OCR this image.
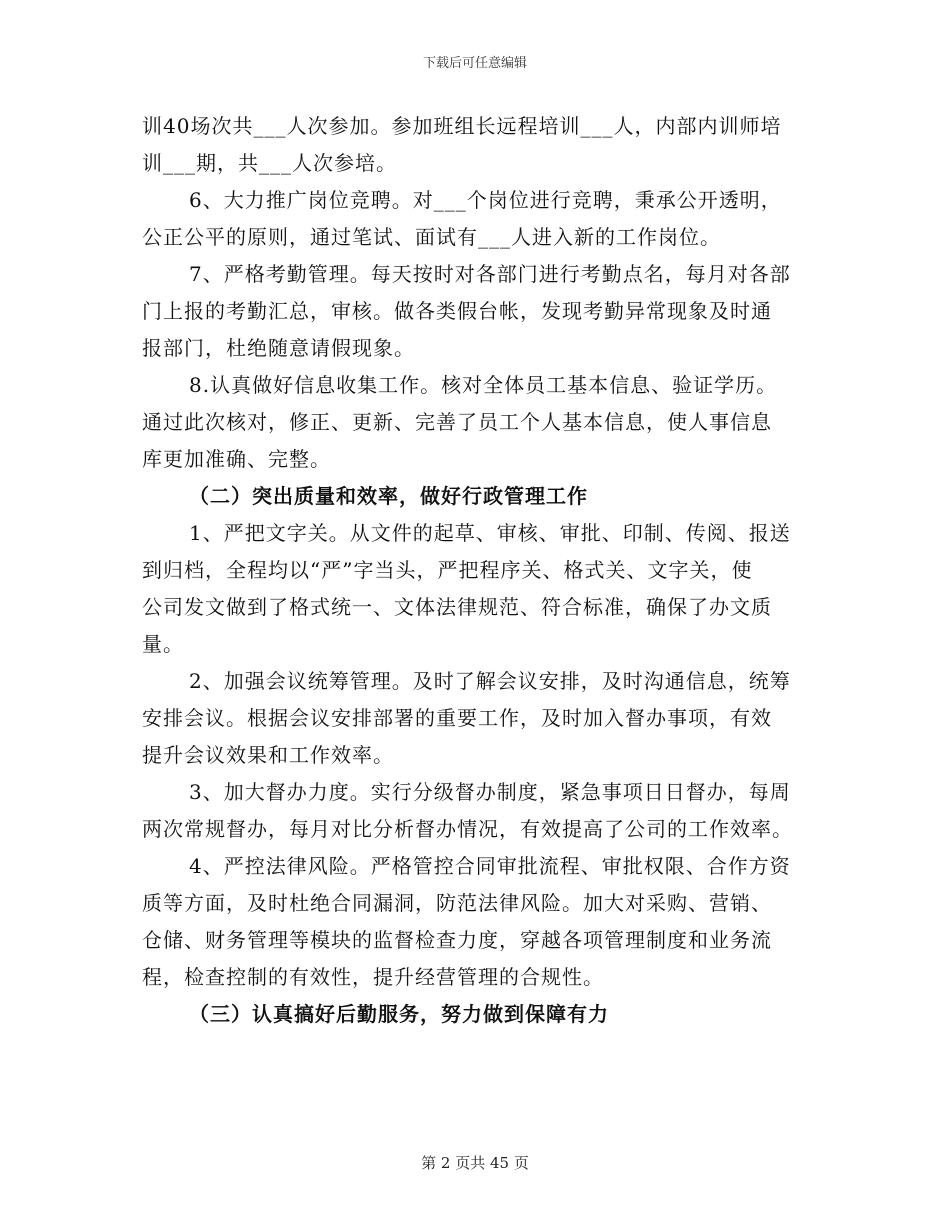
下载后可任意编辑
训40场次共___人次参加。参加班组长远程培训___人，内部内训师培
训___期，共___人次参培。
6、大力推广岗位竞聘。对___个岗位进行竞聘，秉承公开透明，
公正公平的原则，通过笔试、面试有___人进入新的工作岗位。
7、严格考勤管理。每天按时对各部门进行考勤点名，每月对各部
门上报的考勤汇总，审核。做各类假台帐，发现考勤异常现象及时通
报部门，杜绝随意请假现象。
8.认真做好信息收集工作。核对全体员工基本信息、验证学历。
通过此次核对，修正、更新、完善了员工个人基本信息，使人事信息
库更加准确、完整。
（二）突出质量和效率，做好行政管理工作
1、严把文字关。从文件的起草、审核、审批、印制、传阅、报送
到归档，全程均以“严”字当头，严把程序关、格式关、文字关，使
公司发文做到了格式统一、文体法律规范、符合标准，确保了办文质
量。
2、加强会议统筹管理。及时了解会议安排，及时沟通信息，统筹
安排会议。根据会议安排部署的重要工作，及时加入督办事项，有效
提升会议效果和工作效率。
3、加大督办力度。实行分级督办制度，紧急事项日日督办，每周
两次常规督办，每月对比分析督办情况，有效提高了公司的工作效率。
4、严控法律风险。严格管控合同审批流程、审批权限、合作方资
质等方面，及时杜绝合同漏洞，防范法律风险。加大对采购、营销、
仓储、财务管理等模块的监督检查力度，穿越各项管理制度和业务流
程，检查控制的有效性，提升经营管理的合规性。
（三）认真搞好后勤服务，努力做到保障有力
第 2 页共 45 页
